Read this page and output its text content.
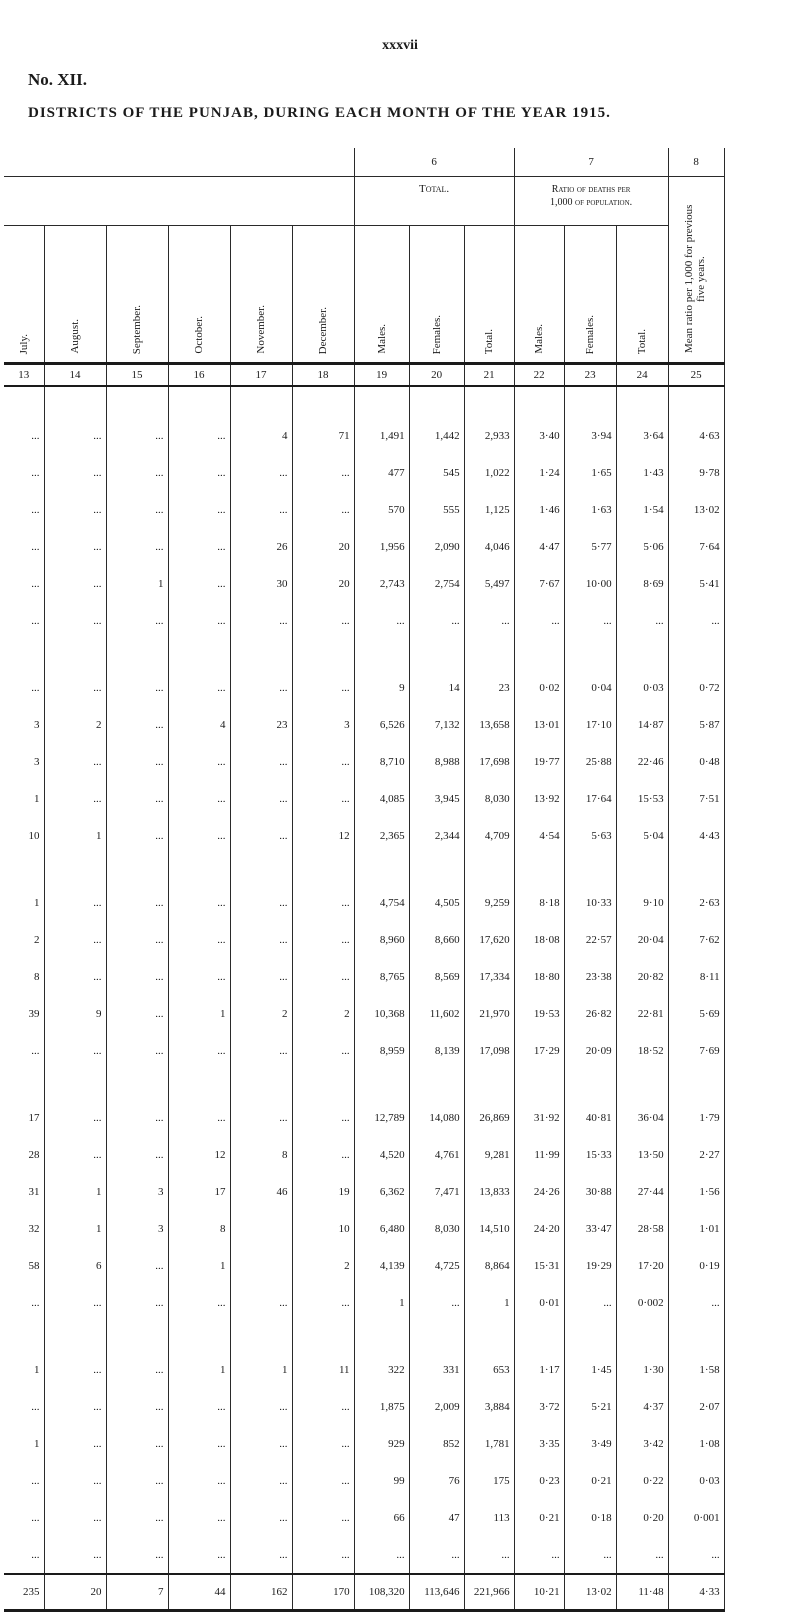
xxxvii
No. XII.
DISTRICTS OF THE PUNJAB, DURING EACH MONTH OF THE YEAR 1915.
						6			7			8	
						Total.			Ratio of deaths per
1,000 of population.			Mean ratio per 1,000 for previous five years.	

July.	August.	September.	October.	November.	December.	Males.	Females.	Total.	Males.	Females.	Total.		

13	14	15	16	17	18	19	20	21	22	23	24	25	

...	...	...	...	4	71	1,491	1,442	2,933	3·40	3·94	3·64	4·63	
...	...	...	...	...	...	477	545	1,022	1·24	1·65	1·43	9·78	
...	...	...	...	...	...	570	555	1,125	1·46	1·63	1·54	13·02	
...	...	...	...	26	20	1,956	2,090	4,046	4·47	5·77	5·06	7·64	
...	...	1	...	30	20	2,743	2,754	5,497	7·67	10·00	8·69	5·41	
...	...	...	...	...	...	...	...	...	...	...	...	...	

...	...	...	...	...	...	9	14	23	0·02	0·04	0·03	0·72	
3	2	...	4	23	3	6,526	7,132	13,658	13·01	17·10	14·87	5·87	
3	...	...	...	...	...	8,710	8,988	17,698	19·77	25·88	22·46	0·48	
1	...	...	...	...	...	4,085	3,945	8,030	13·92	17·64	15·53	7·51	
10	1	...	...	...	12	2,365	2,344	4,709	4·54	5·63	5·04	4·43	

1	...	...	...	...	...	4,754	4,505	9,259	8·18	10·33	9·10	2·63	
2	...	...	...	...	...	8,960	8,660	17,620	18·08	22·57	20·04	7·62	
8	...	...	...	...	...	8,765	8,569	17,334	18·80	23·38	20·82	8·11	
39	9	...	1	2	2	10,368	11,602	21,970	19·53	26·82	22·81	5·69	
...	...	...	...	...	...	8,959	8,139	17,098	17·29	20·09	18·52	7·69	

17	...	...	...	...	...	12,789	14,080	26,869	31·92	40·81	36·04	1·79	
28	...	...	12	8	...	4,520	4,761	9,281	11·99	15·33	13·50	2·27	
31	1	3	17	46	19	6,362	7,471	13,833	24·26	30·88	27·44	1·56	
32	1	3	8		10	6,480	8,030	14,510	24·20	33·47	28·58	1·01	
58	6	...	1		2	4,139	4,725	8,864	15·31	19·29	17·20	0·19	
...	...	...	...	...	...	1	...	1	0·01	...	0·002	...	

1	...	...	1	1	11	322	331	653	1·17	1·45	1·30	1·58	
...	...	...	...	...	...	1,875	2,009	3,884	3·72	5·21	4·37	2·07	
1	...	...	...	...	...	929	852	1,781	3·35	3·49	3·42	1·08	
...	...	...	...	...	...	99	76	175	0·23	0·21	0·22	0·03	
...	...	...	...	...	...	66	47	113	0·21	0·18	0·20	0·001	
...	...	...	...	...	...	...	...	...	...	...	...	...	
235	20	7	44	162	170	108,320	113,646	221,966	10·21	13·02	11·48	4·33	
